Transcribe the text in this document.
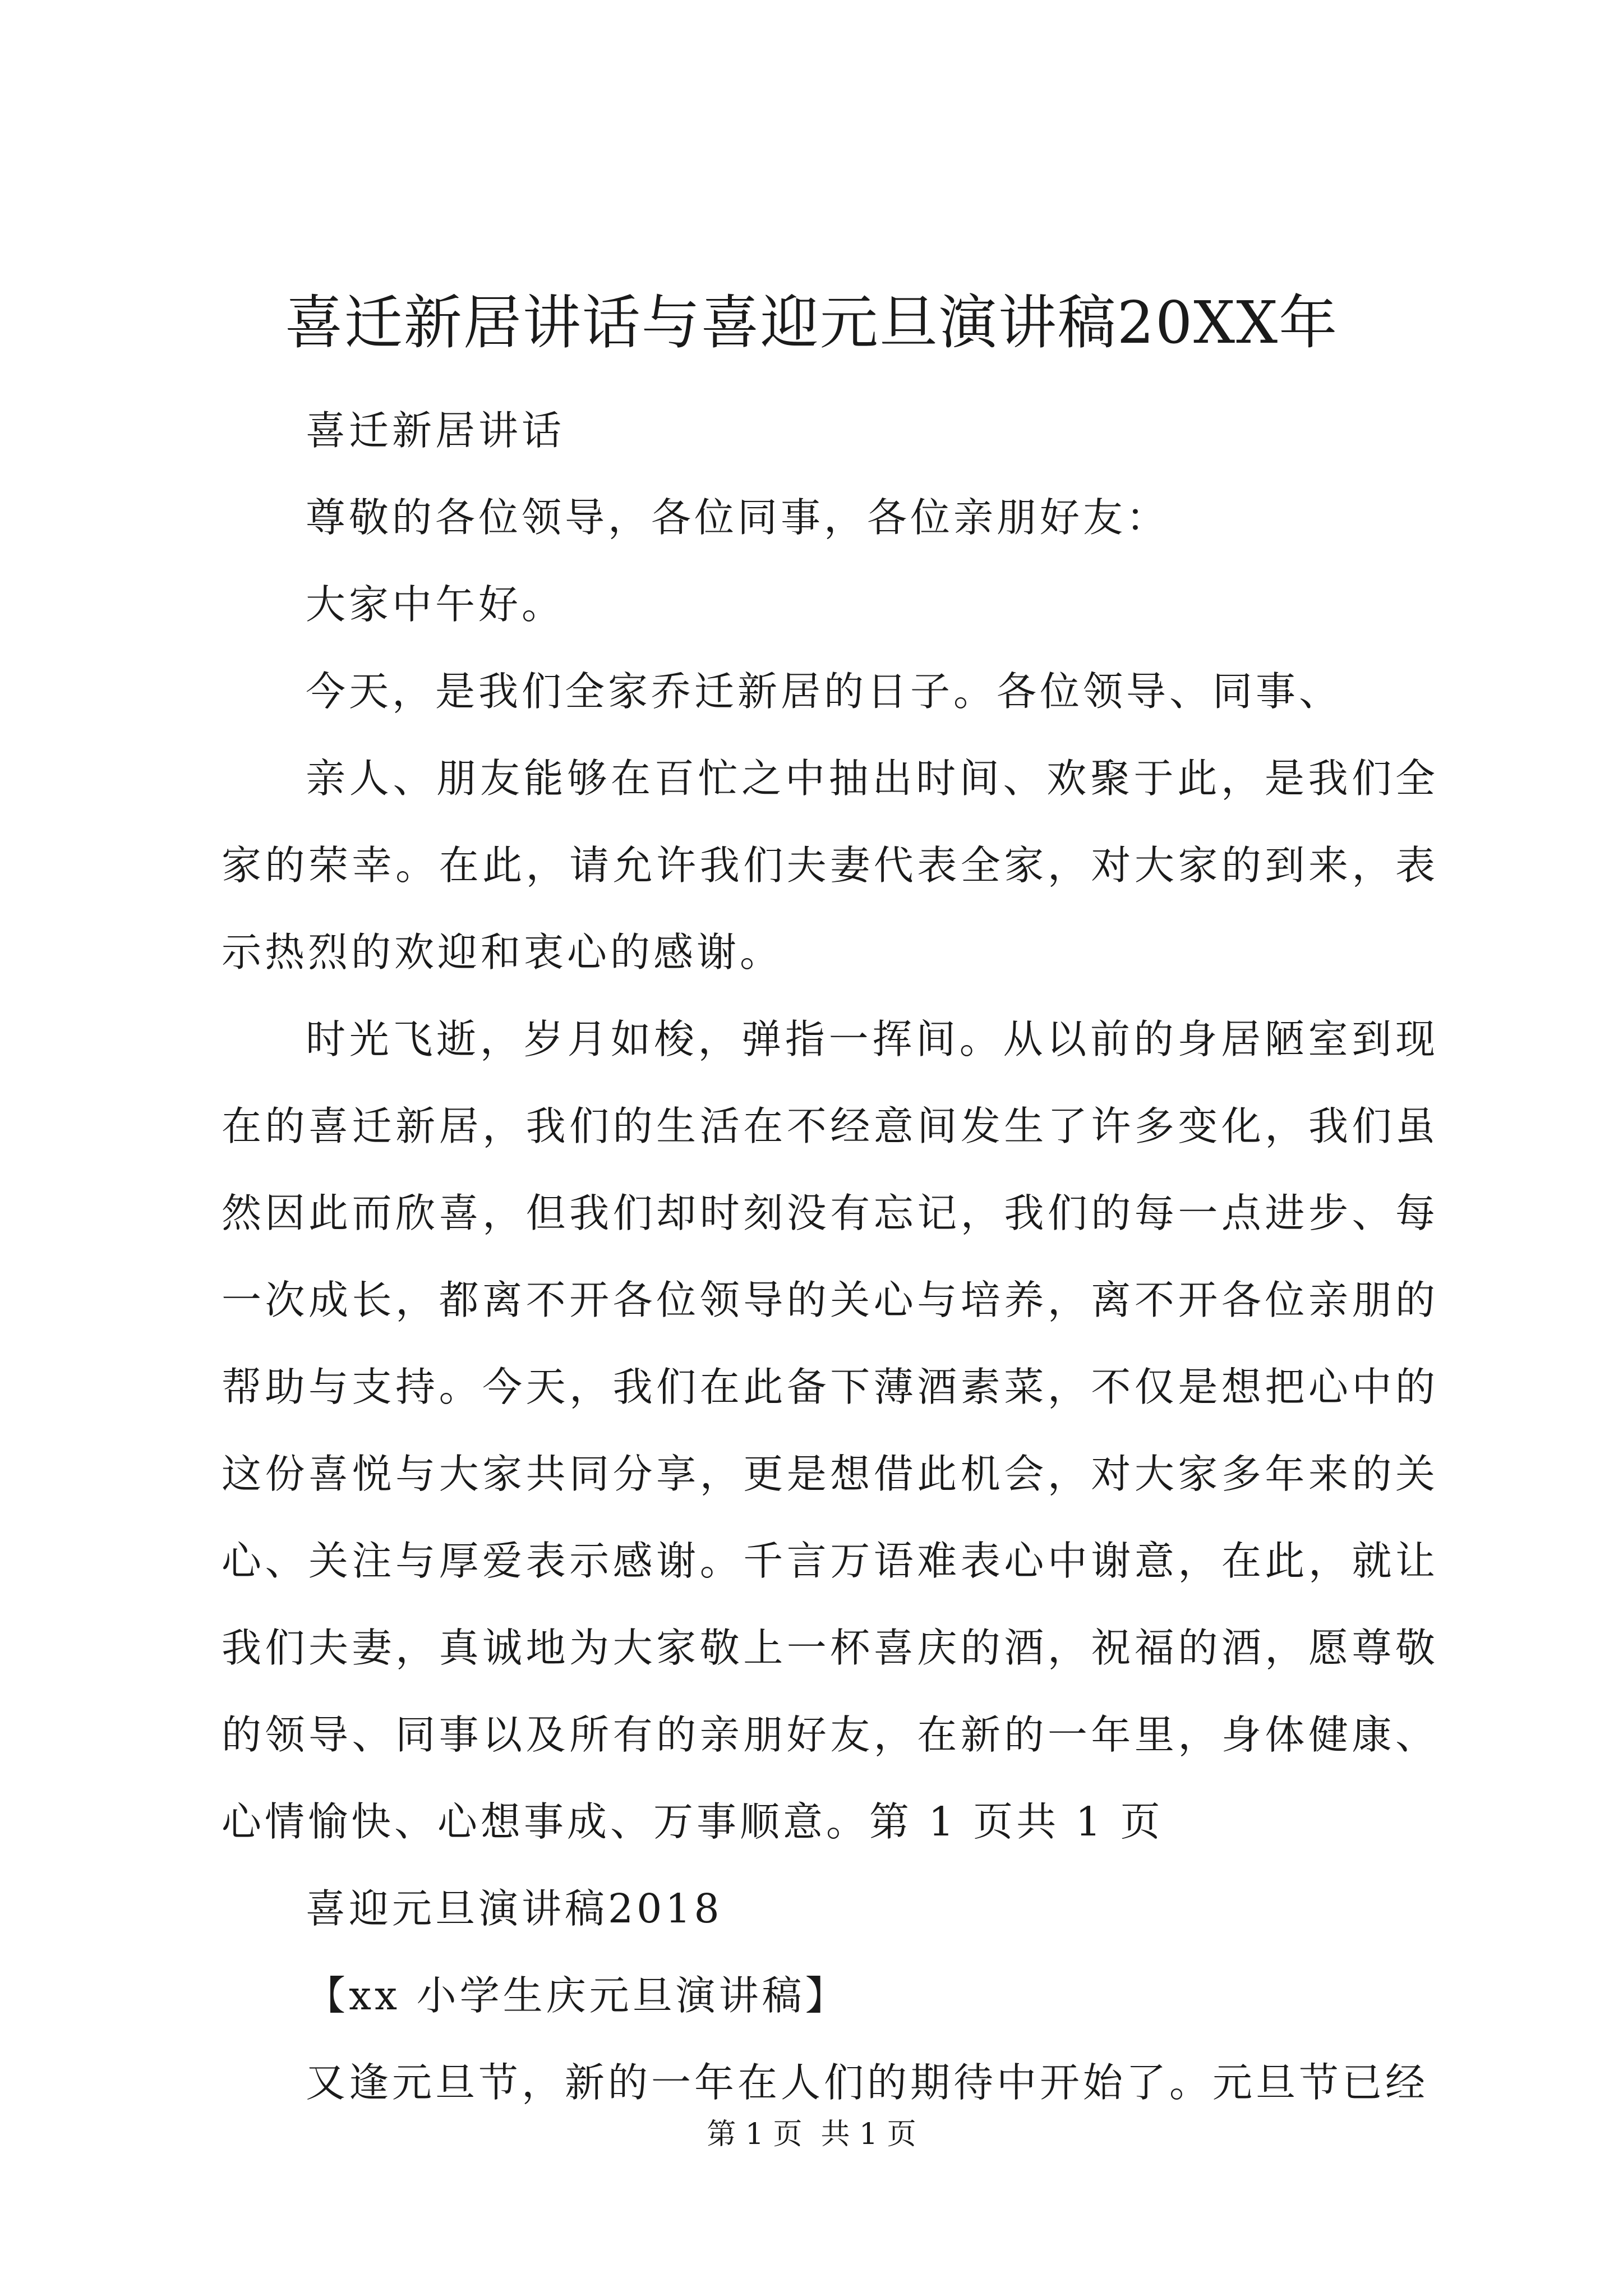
喜迁新居讲话与喜迎元旦演讲稿20XX年

喜迁新居讲话

尊敬的各位领导，各位同事，各位亲朋好友：

大家中午好。

今天，是我们全家乔迁新居的日子。各位领导、同事、

亲人、朋友能够在百忙之中抽出时间、欢聚于此，是我们全家的荣幸。在此，请允许我们夫妻代表全家，对大家的到来，表示热烈的欢迎和衷心的感谢。

时光飞逝，岁月如梭，弹指一挥间。从以前的身居陋室到现在的喜迁新居，我们的生活在不经意间发生了许多变化，我们虽然因此而欣喜，但我们却时刻没有忘记，我们的每一点进步、每一次成长，都离不开各位领导的关心与培养，离不开各位亲朋的帮助与支持。今天，我们在此备下薄酒素菜，不仅是想把心中的这份喜悦与大家共同分享，更是想借此机会，对大家多年来的关心、关注与厚爱表示感谢。千言万语难表心中谢意，在此，就让我们夫妻，真诚地为大家敬上一杯喜庆的酒，祝福的酒，愿尊敬的领导、同事以及所有的亲朋好友，在新的一年里，身体健康、心情愉快、心想事成、万事顺意。第 1 页共 1 页

喜迎元旦演讲稿2018

【xx 小学生庆元旦演讲稿】

又逢元旦节，新的一年在人们的期待中开始了。元旦节已经

第 1 页  共 1 页
